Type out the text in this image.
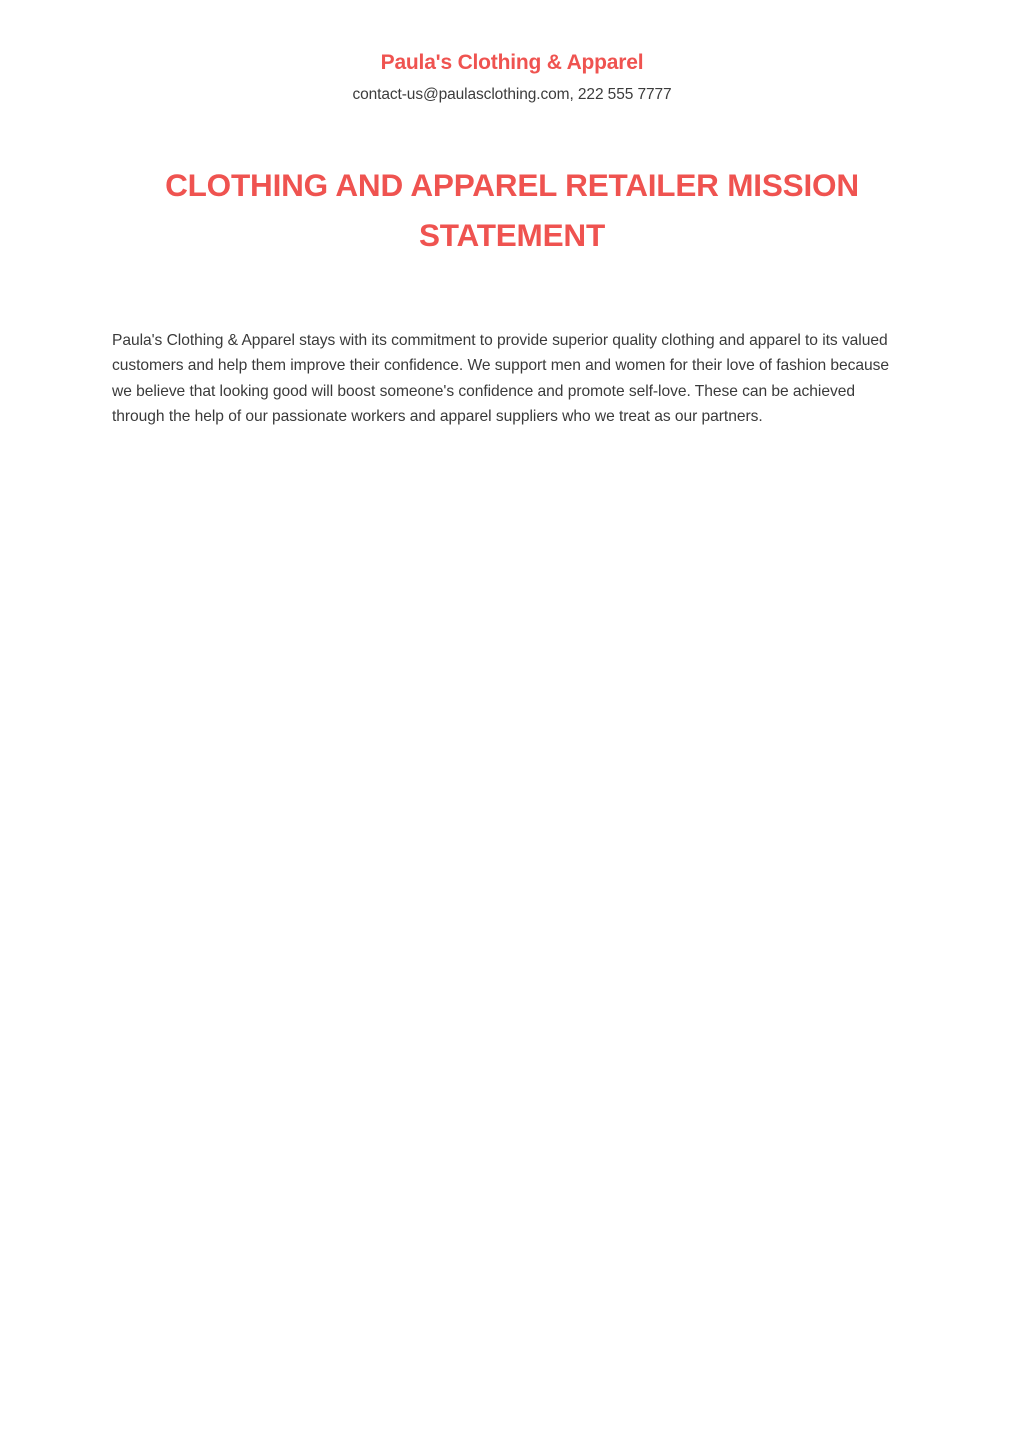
Paula's Clothing & Apparel

contact-us@paulasclothing.com, 222 555 7777

CLOTHING AND APPAREL RETAILER MISSION STATEMENT

Paula's Clothing & Apparel stays with its commitment to provide superior quality clothing and apparel to its valued customers and help them improve their confidence. We support men and women for their love of fashion because we believe that looking good will boost someone's confidence and promote self-love. These can be achieved through the help of our passionate workers and apparel suppliers who we treat as our partners.
